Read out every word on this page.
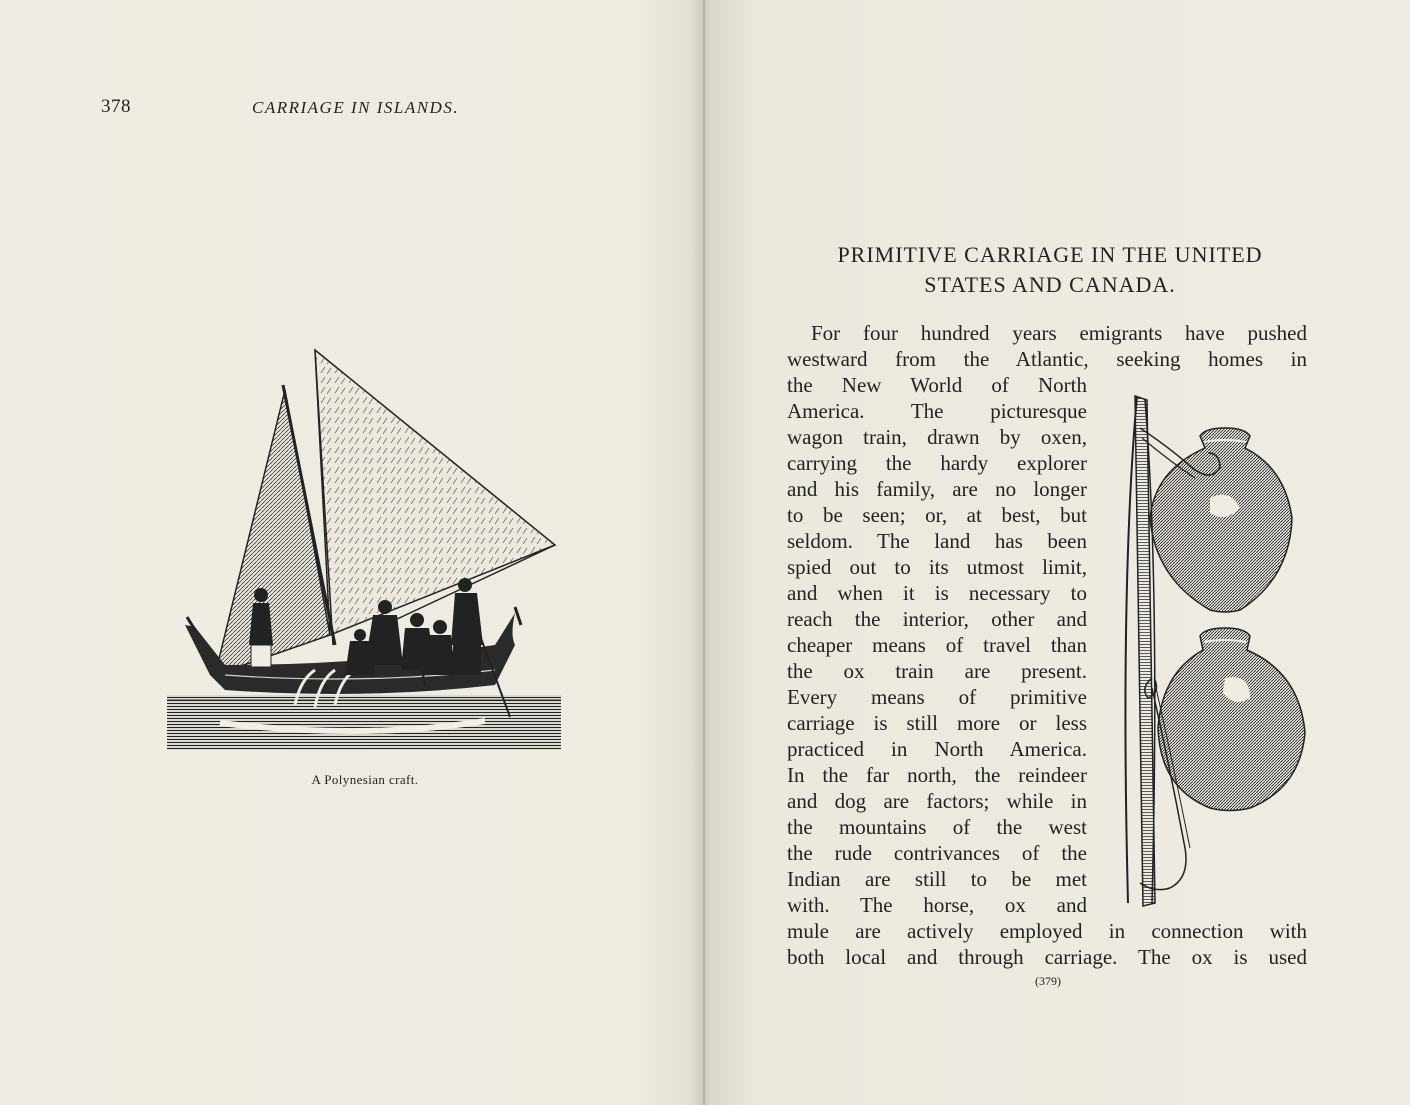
378	CARRIAGE IN ISLANDS.
A Polynesian craft.
PRIMITIVE CARRIAGE IN THE UNITED
STATES AND CANADA.
For four hundred years emigrants have pushed
westward from the Atlantic, seeking homes in
the New World of North
America. The picturesque
wagon train, drawn by oxen,
carrying the hardy explorer
and his family, are no longer
to be seen; or, at best, but
seldom. The land has been
spied out to its utmost limit,
and when it is necessary to
reach the interior, other and
cheaper means of travel than
the ox train are present.
Every means of primitive
carriage is still more or less
practiced in North America.
In the far north, the reindeer
and dog are factors; while in
the mountains of the west
the rude contrivances of the
Indian are still to be met
with. The horse, ox and
mule are actively employed in connection with
both local and through carriage. The ox is used
(379)
